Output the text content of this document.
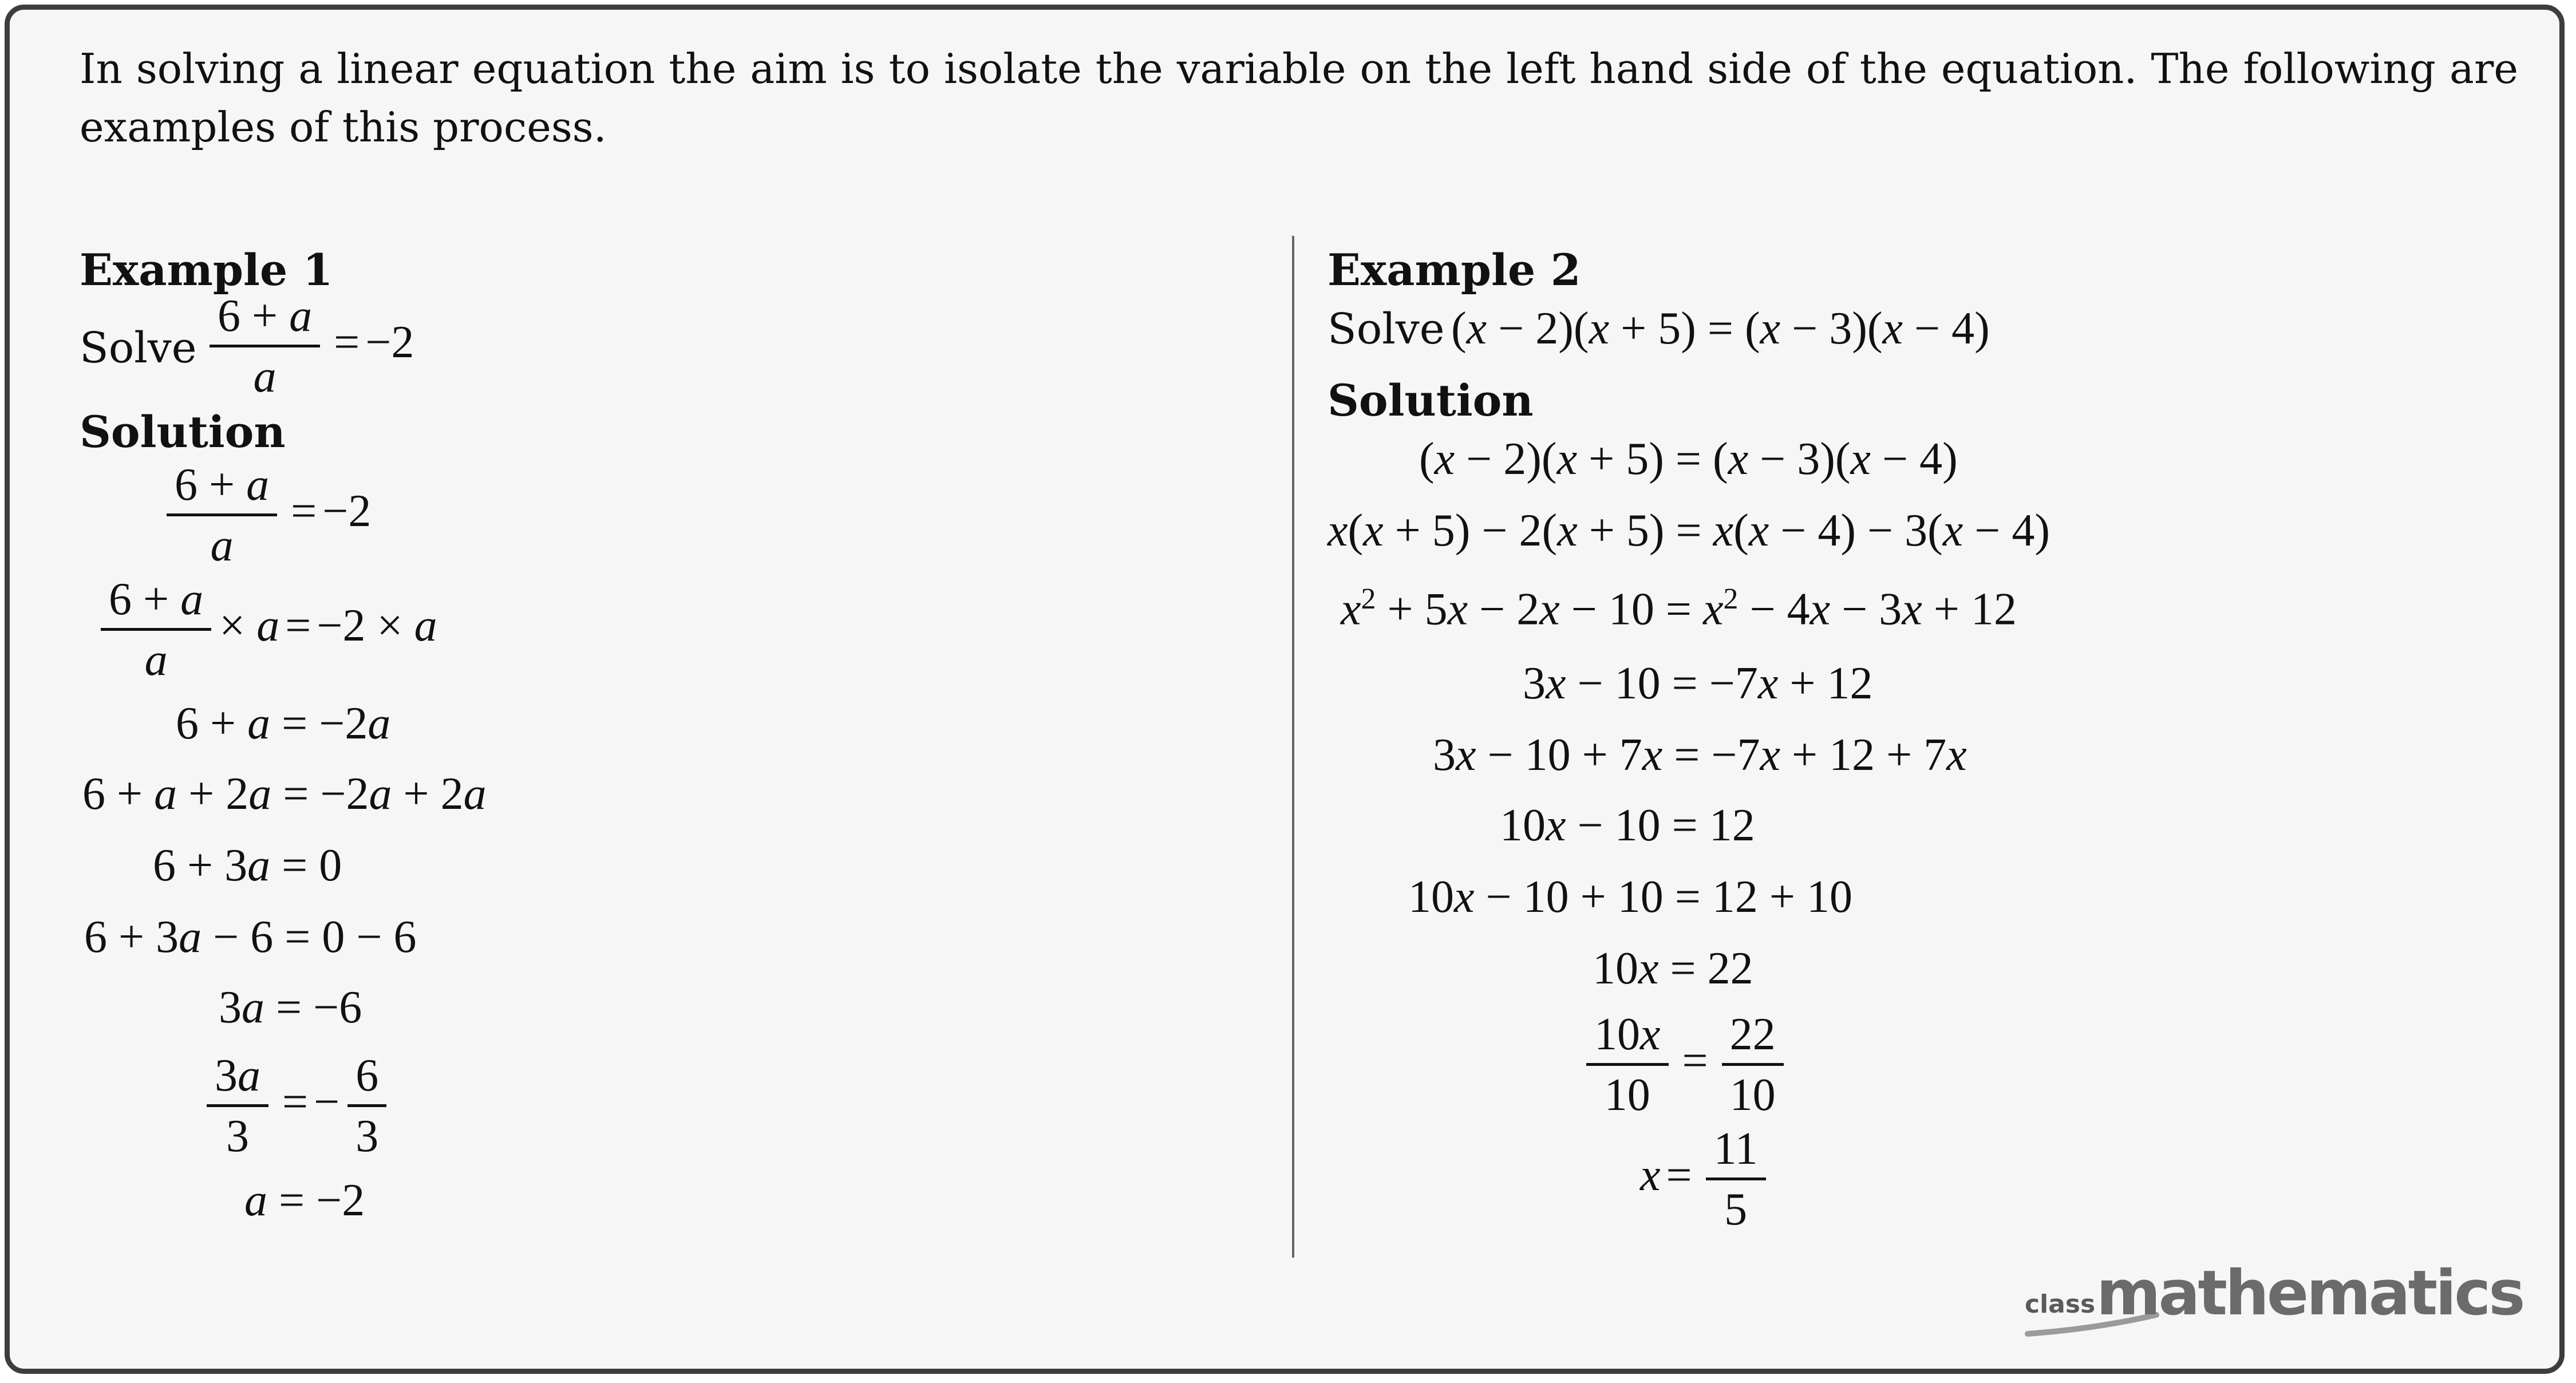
In solving a linear equation the aim is to isolate the variable on the left hand side of the equation. The following are examples of this process.
Example 1
Solve $\frac{6 + a}{a} = -2$
Solution
$\frac{6 + a}{a} = -2$
$\frac{6 + a}{a} \times a = -2 \times a$
6 + a = −2a
6 + a + 2a = −2a + 2a
6 + 3a = 0
6 + 3a − 6 = 0 − 6
3a = −6
$\frac{3a}{3}$ = − $\frac{6}{3}$
a = −2
Example 2
Solve (x − 2)(x + 5) = (x − 3)(x − 4)
Solution
(x − 2)(x + 5) = (x − 3)(x − 4)
x(x + 5) − 2(x + 5) = x(x − 4) − 3(x − 4)
$x^2 + 5x - 2x - 10 = x^2 - 4x - 3x + 12$
3x − 10 = −7x + 12
3x − 10 + 7x = −7x + 12 + 7x
10x − 10 = 12
10x − 10 + 10 = 12 + 10
10x = 22
$\frac{10x}{10} = \frac{22}{10}$
$x = \frac{11}{5}$
class mathematics
